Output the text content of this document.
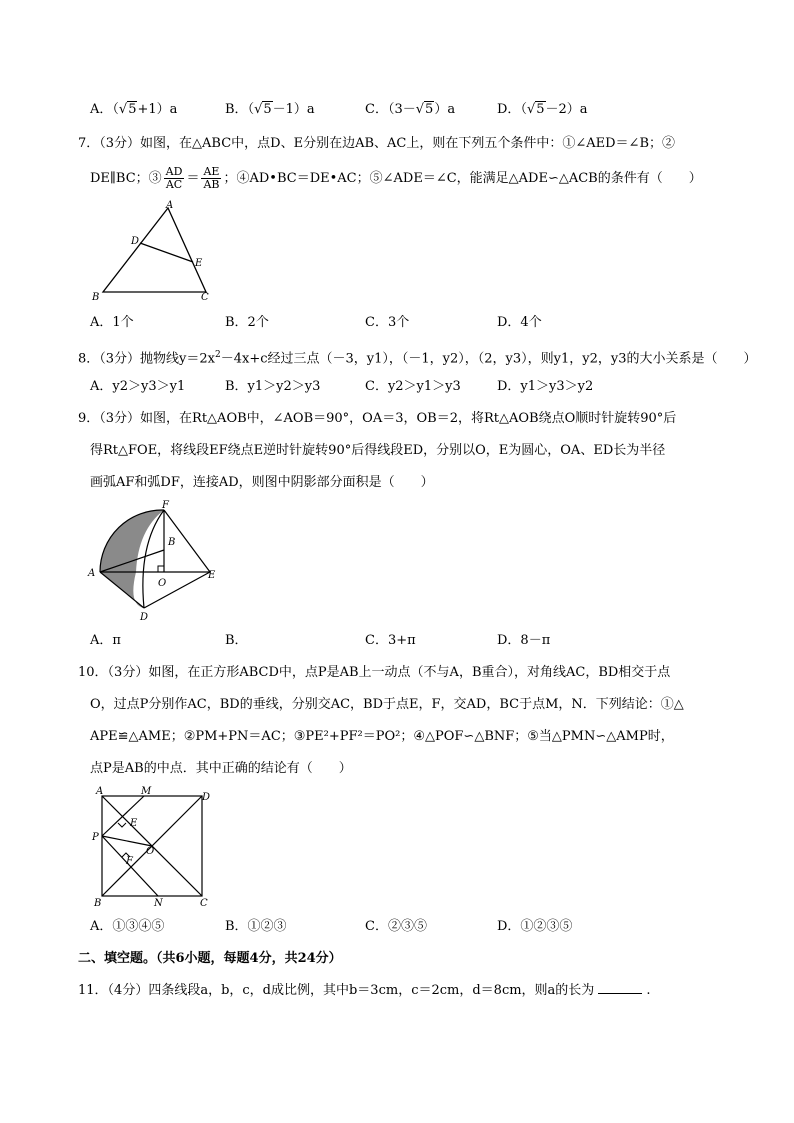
A．（√5+1）a	B．（√5－1）a	C．（3－√5）a	D．（√5－2）a
7．（3分）如图，在△ABC中，点D、E分别在边AB、AC上，则在下列五个条件中：①∠AED＝∠B；②
DE∥BC；③ $\frac{AD}{AC} = \frac{AE}{AB}$ ；④AD•BC＝DE•AC；⑤∠ADE＝∠C，能满足△ADE∽△ACB的条件有（　　）
A
D
E
B	C
A．1个	B．2个	C．3个	D．4个
8．（3分）抛物线$y=2x^2-4x+c$经过三点（－3，y1），（－1，y2），（2，y3），则y1，y2，y3的大小关系是（　　）
A．y2＞y3＞y1	B．y1＞y2＞y3	C．y2＞y1＞y3	D．y1＞y3＞y2
9．（3分）如图，在Rt△AOB中，∠AOB＝90°，OA＝3，OB＝2，将Rt△AOB绕点O顺时针旋转90°后
得Rt△FOE，将线段EF绕点E逆时针旋转90°后得线段ED，分别以O，E为圆心，OA、ED长为半径
画弧AF和弧DF，连接AD，则图中阴影部分面积是（　　）
F
B
A
O
E
D
A．π	B．	C．3+π	D．8－π
10．（3分）如图，在正方形ABCD中，点P是AB上一动点（不与A，B重合），对角线AC，BD相交于点
O，过点P分别作AC，BD的垂线，分别交AC，BD于点E，F，交AD，BC于点M，N．下列结论：①△
APE≌△AME；②PM+PN＝AC；③PE²+PF²＝PO²；④△POF∽△BNF；⑤当△PMN∽△AMP时，
点P是AB的中点．其中正确的结论有（　　）
A	M
D
E
P
O
F
B	N	C
A．①③④⑤	B．①②③	C．②③⑤	D．①②③⑤
二、填空题。（共6小题，每题4分，共24分）
11．（4分）四条线段a，b，c，d成比例，其中b＝3cm，c＝2cm，d＝8cm，则a的长为	.
